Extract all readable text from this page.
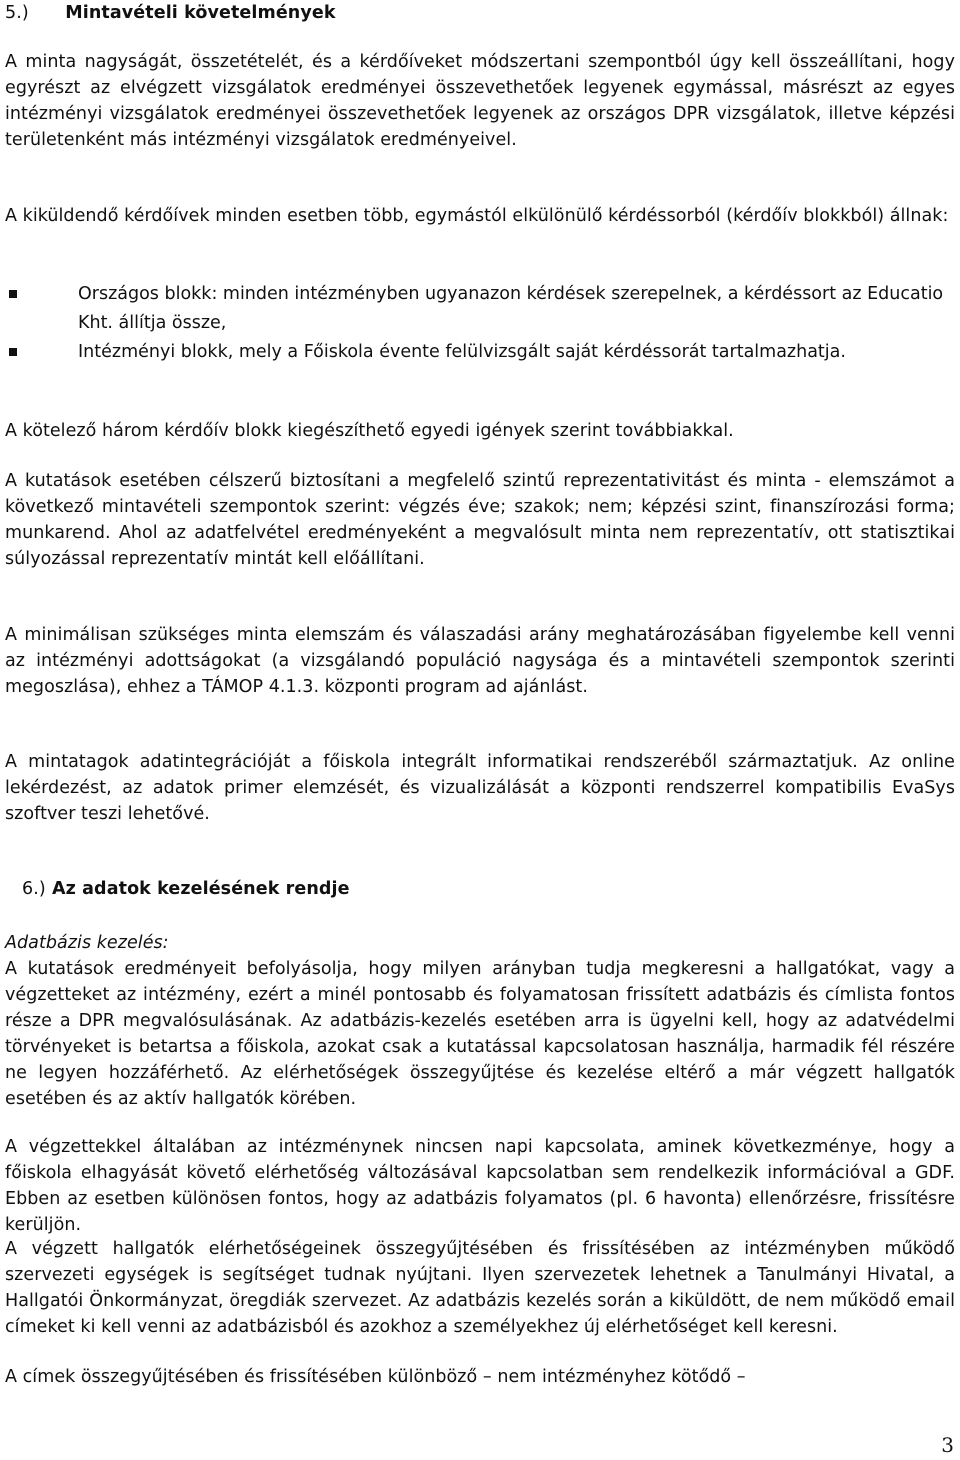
5.) Mintavételi követelmények
A minta nagyságát, összetételét, és a kérdőíveket módszertani szempontból úgy kell összeállítani, hogy egyrészt az elvégzett vizsgálatok eredményei összevethetőek legyenek egymással, másrészt az egyes intézményi vizsgálatok eredményei összevethetőek legyenek az országos DPR vizsgálatok, illetve képzési területenként más intézményi vizsgálatok eredményeivel.
A kiküldendő kérdőívek minden esetben több, egymástól elkülönülő kérdéssorból (kérdőív blokkból) állnak:
Országos blokk: minden intézményben ugyanazon kérdések szerepelnek, a kérdéssort az Educatio Kht. állítja össze,
Intézményi blokk, mely a Főiskola évente felülvizsgált saját kérdéssorát tartalmazhatja.
A kötelező három kérdőív blokk kiegészíthető egyedi igények szerint továbbiakkal.
A kutatások esetében célszerű biztosítani a megfelelő szintű reprezentativitást és minta - elemszámot a következő mintavételi szempontok szerint: végzés éve; szakok; nem; képzési szint, finanszírozási forma; munkarend. Ahol az adatfelvétel eredményeként a megvalósult minta nem reprezentatív, ott statisztikai súlyozással reprezentatív mintát kell előállítani.
A minimálisan szükséges minta elemszám és válaszadási arány meghatározásában figyelembe kell venni az intézményi adottságokat (a vizsgálandó populáció nagysága és a mintavételi szempontok szerinti megoszlása), ehhez a TÁMOP 4.1.3. központi program ad ajánlást.
A mintatagok adatintegrációját a főiskola integrált informatikai rendszeréből származtatjuk. Az online lekérdezést, az adatok primer elemzését, és vizualizálását a központi rendszerrel kompatibilis EvaSys szoftver teszi lehetővé.
6.) Az adatok kezelésének rendje
Adatbázis kezelés:
A kutatások eredményeit befolyásolja, hogy milyen arányban tudja megkeresni a hallgatókat, vagy a végzetteket az intézmény, ezért a minél pontosabb és folyamatosan frissített adatbázis és címlista fontos része a DPR megvalósulásának. Az adatbázis-kezelés esetében arra is ügyelni kell, hogy az adatvédelmi törvényeket is betartsa a főiskola, azokat csak a kutatással kapcsolatosan használja, harmadik fél részére ne legyen hozzáférhető. Az elérhetőségek összegyűjtése és kezelése eltérő a már végzett hallgatók esetében és az aktív hallgatók körében.
A végzettekkel általában az intézménynek nincsen napi kapcsolata, aminek következménye, hogy a főiskola elhagyását követő elérhetőség változásával kapcsolatban sem rendelkezik információval a GDF. Ebben az esetben különösen fontos, hogy az adatbázis folyamatos (pl. 6 havonta) ellenőrzésre, frissítésre kerüljön.
A végzett hallgatók elérhetőségeinek összegyűjtésében és frissítésében az intézményben működő szervezeti egységek is segítséget tudnak nyújtani. Ilyen szervezetek lehetnek a Tanulmányi Hivatal, a Hallgatói Önkormányzat, öregdiák szervezet. Az adatbázis kezelés során a kiküldött, de nem működő email címeket ki kell venni az adatbázisból és azokhoz a személyekhez új elérhetőséget kell keresni.
A címek összegyűjtésében és frissítésében különböző – nem intézményhez kötődő –
3
